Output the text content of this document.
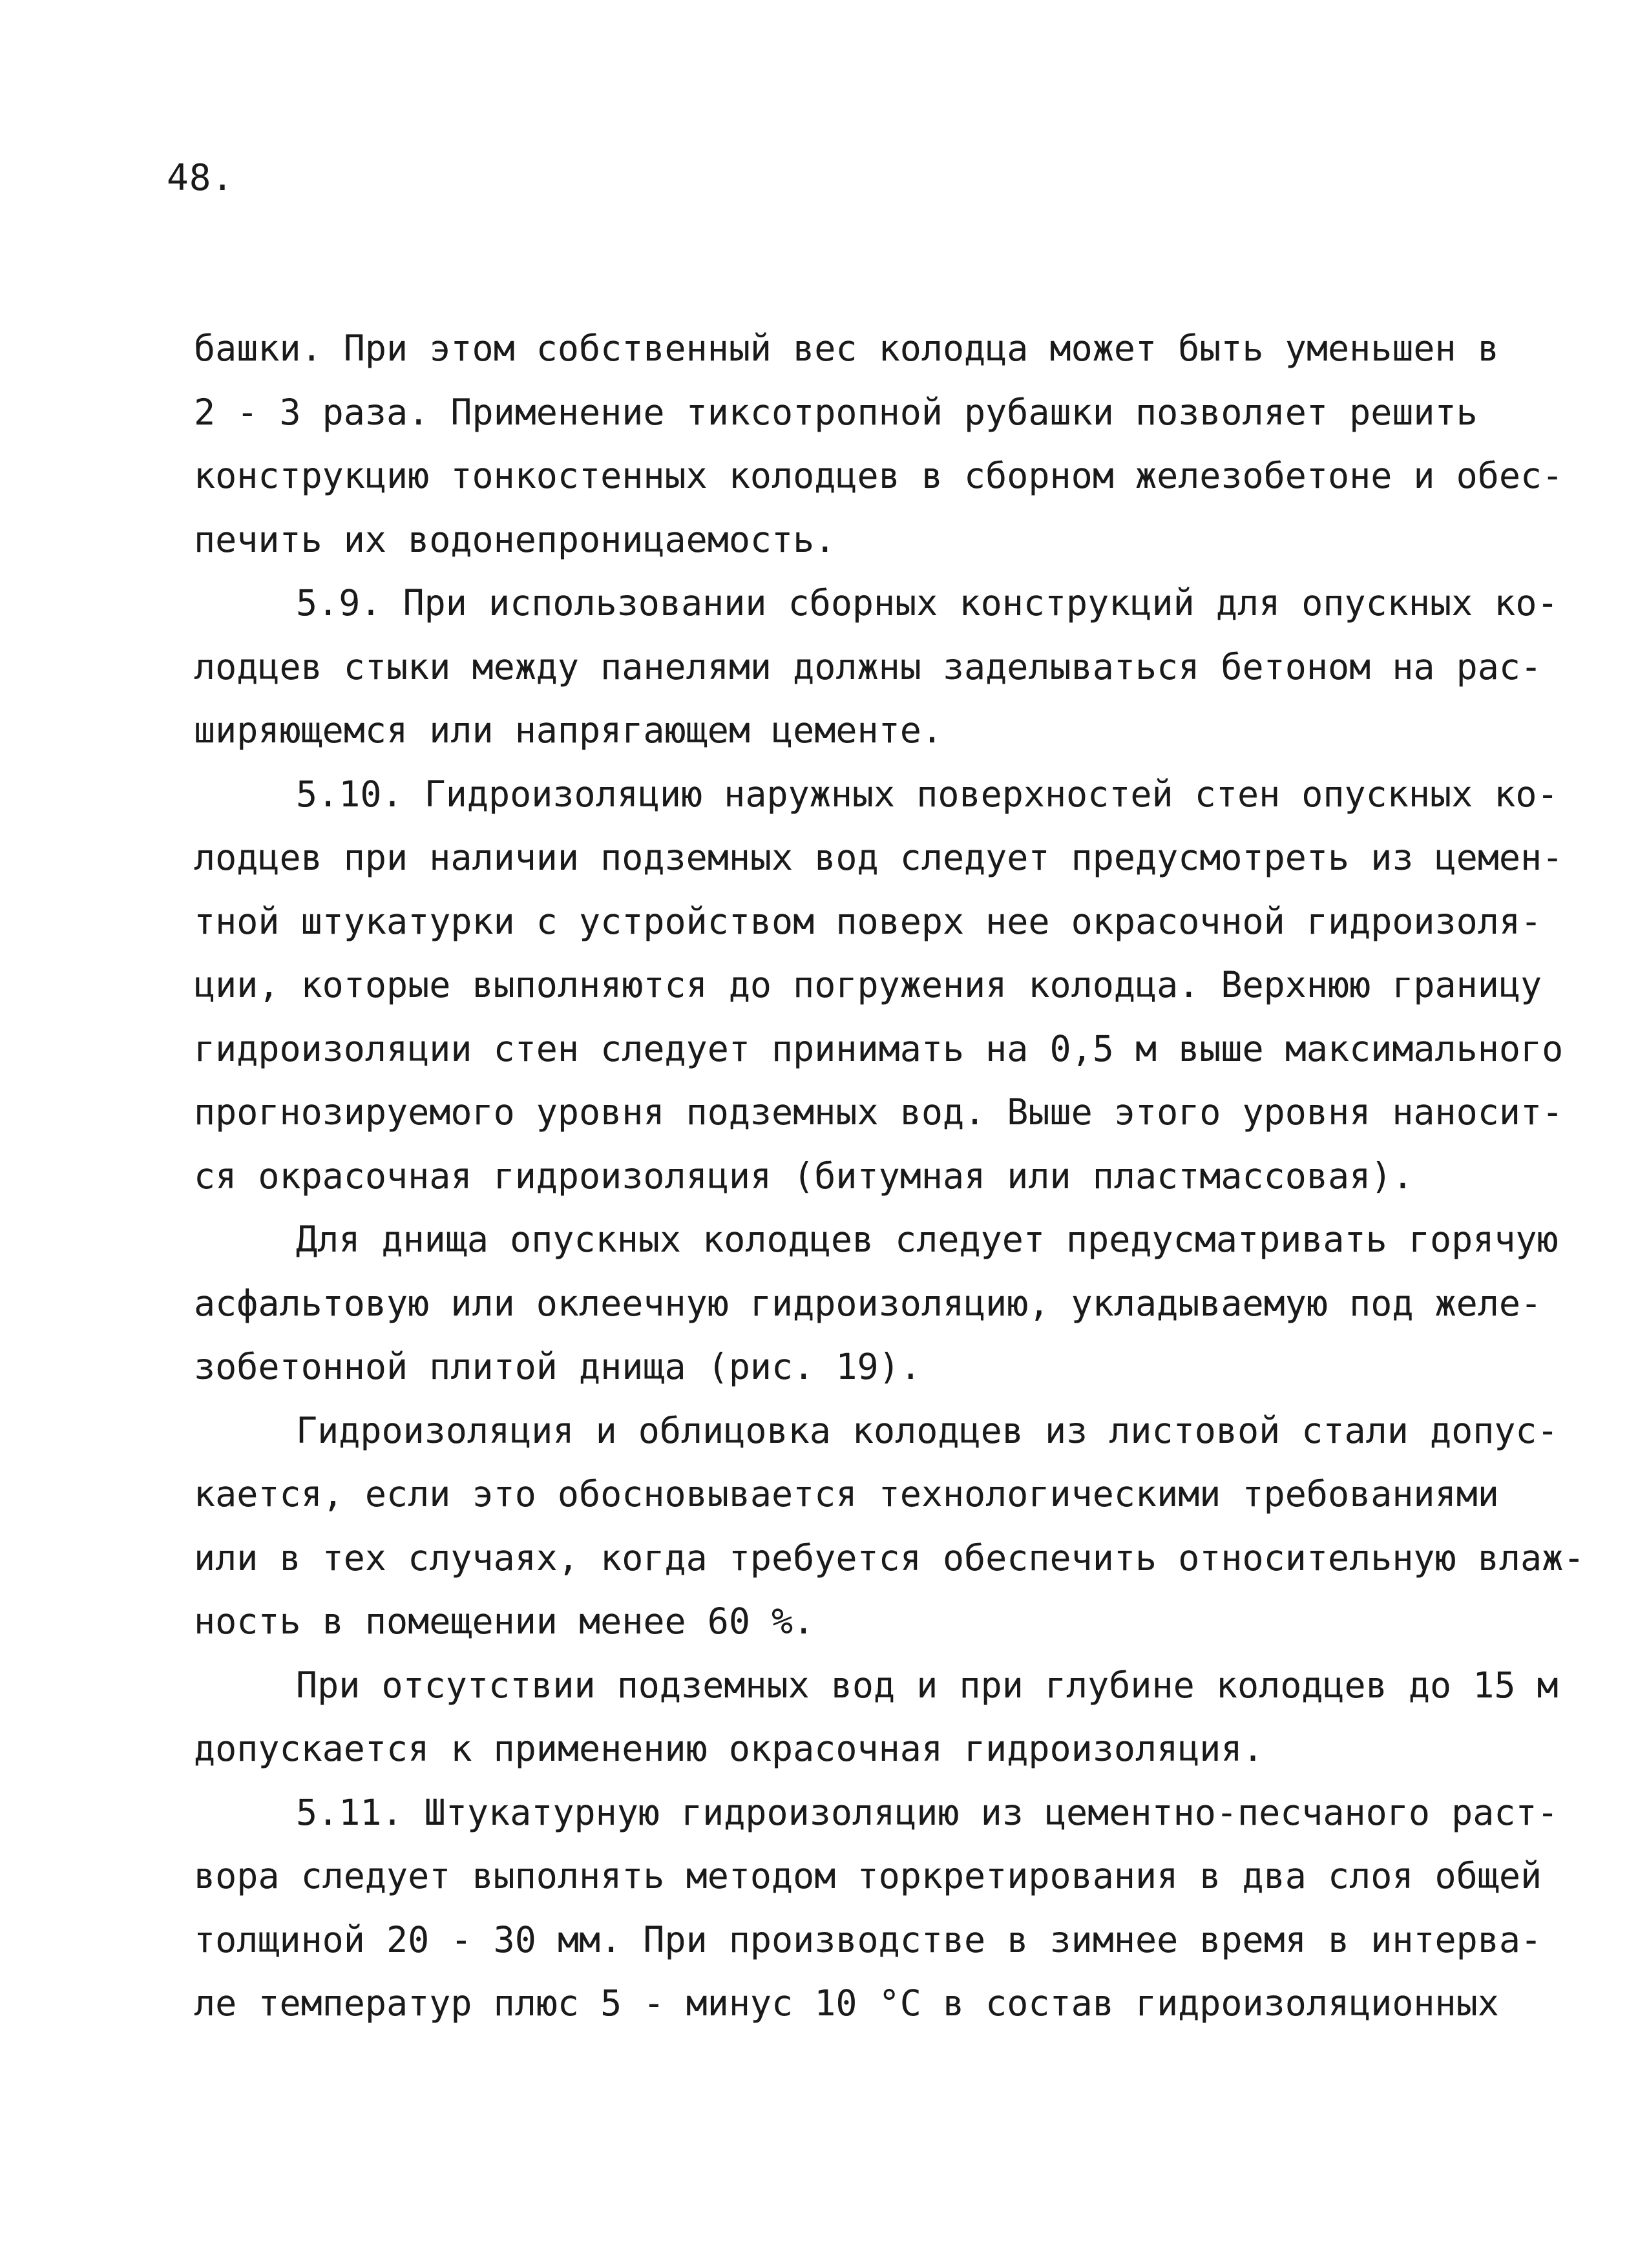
48.
башки. При этом собственный вес колодца может быть уменьшен в
2 - 3 раза. Применение тиксотропной рубашки позволяет решить
конструкцию тонкостенных колодцев в сборном железобетоне и обес-
печить их водонепроницаемость.
5.9. При использовании сборных конструкций для опускных ко-
лодцев стыки между панелями должны заделываться бетоном на рас-
ширяющемся или напрягающем цементе.
5.10. Гидроизоляцию наружных поверхностей стен опускных ко-
лодцев при наличии подземных вод следует предусмотреть из цемен-
тной штукатурки с устройством поверх нее окрасочной гидроизоля-
ции, которые выполняются до погружения колодца. Верхнюю границу
гидроизоляции стен следует принимать на 0,5 м выше максимального
прогнозируемого уровня подземных вод. Выше этого уровня наносит-
ся окрасочная гидроизоляция (битумная или пластмассовая).
Для днища опускных колодцев следует предусматривать горячую
асфальтовую или оклеечную гидроизоляцию, укладываемую под желе-
зобетонной плитой днища (рис. 19).
Гидроизоляция и облицовка колодцев из листовой стали допус-
кается, если это обосновывается технологическими требованиями
или в тех случаях, когда требуется обеспечить относительную влаж-
ность в помещении менее 60 %.
При отсутствии подземных вод и при глубине колодцев до 15 м
допускается к применению окрасочная гидроизоляция.
5.11. Штукатурную гидроизоляцию из цементно-песчаного раст-
вора следует выполнять методом торкретирования в два слоя общей
толщиной 20 - 30 мм. При производстве в зимнее время в интерва-
ле температур плюс 5 - минус 10 °С в состав гидроизоляционных
